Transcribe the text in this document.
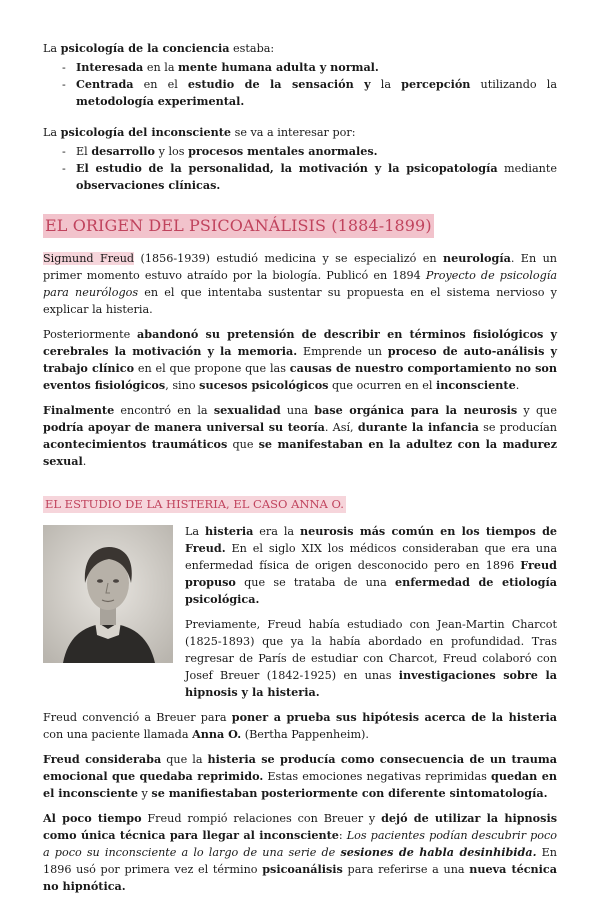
La psicología de la conciencia estaba:

- Interesada en la mente humana adulta y normal.
- Centrada en el estudio de la sensación y la percepción utilizando la metodología experimental.

La psicología del inconsciente se va a interesar por:

- El desarrollo y los procesos mentales anormales.
- El estudio de la personalidad, la motivación y la psicopatología mediante observaciones clínicas.
EL ORIGEN DEL PSICOANÁLISIS (1884-1899)

Sigmund Freud (1856-1939) estudió medicina y se especializó en neurología. En un primer momento estuvo atraído por la biología. Publicó en 1894 Proyecto de psicología para neurólogos en el que intentaba sustentar su propuesta en el sistema nervioso y explicar la histeria.

Posteriormente abandonó su pretensión de describir en términos fisiológicos y cerebrales la motivación y la memoria. Emprende un proceso de auto-análisis y trabajo clínico en el que propone que las causas de nuestro comportamiento no son eventos fisiológicos, sino sucesos psicológicos que ocurren en el inconsciente.

Finalmente encontró en la sexualidad una base orgánica para la neurosis y que podría apoyar de manera universal su teoría. Así, durante la infancia se producían acontecimientos traumáticos que se manifestaban en la adultez con la madurez sexual.

EL ESTUDIO DE LA HISTERIA, EL CASO ANNA O.

La histeria era la neurosis más común en los tiempos de Freud. En el siglo XIX los médicos consideraban que era una enfermedad física de origen desconocido pero en 1896 Freud propuso que se trataba de una enfermedad de etiología psicológica.

Previamente, Freud había estudiado con Jean-Martin Charcot (1825-1893) que ya la había abordado en profundidad. Tras regresar de París de estudiar con Charcot, Freud colaboró con Josef Breuer (1842-1925) en unas investigaciones sobre la hipnosis y la histeria.

Freud convenció a Breuer para poner a prueba sus hipótesis acerca de la histeria con una paciente llamada Anna O. (Bertha Pappenheim).

Freud consideraba que la histeria se producía como consecuencia de un trauma emocional que quedaba reprimido. Estas emociones negativas reprimidas quedan en el inconsciente y se manifiestaban posteriormente con diferente sintomatología.

Al poco tiempo Freud rompió relaciones con Breuer y dejó de utilizar la hipnosis como única técnica para llegar al inconsciente: Los pacientes podían descubrir poco a poco su inconsciente a lo largo de una serie de sesiones de habla desinhibida. En 1896 usó por primera vez el término psicoanálisis para referirse a una nueva técnica no hipnótica.
